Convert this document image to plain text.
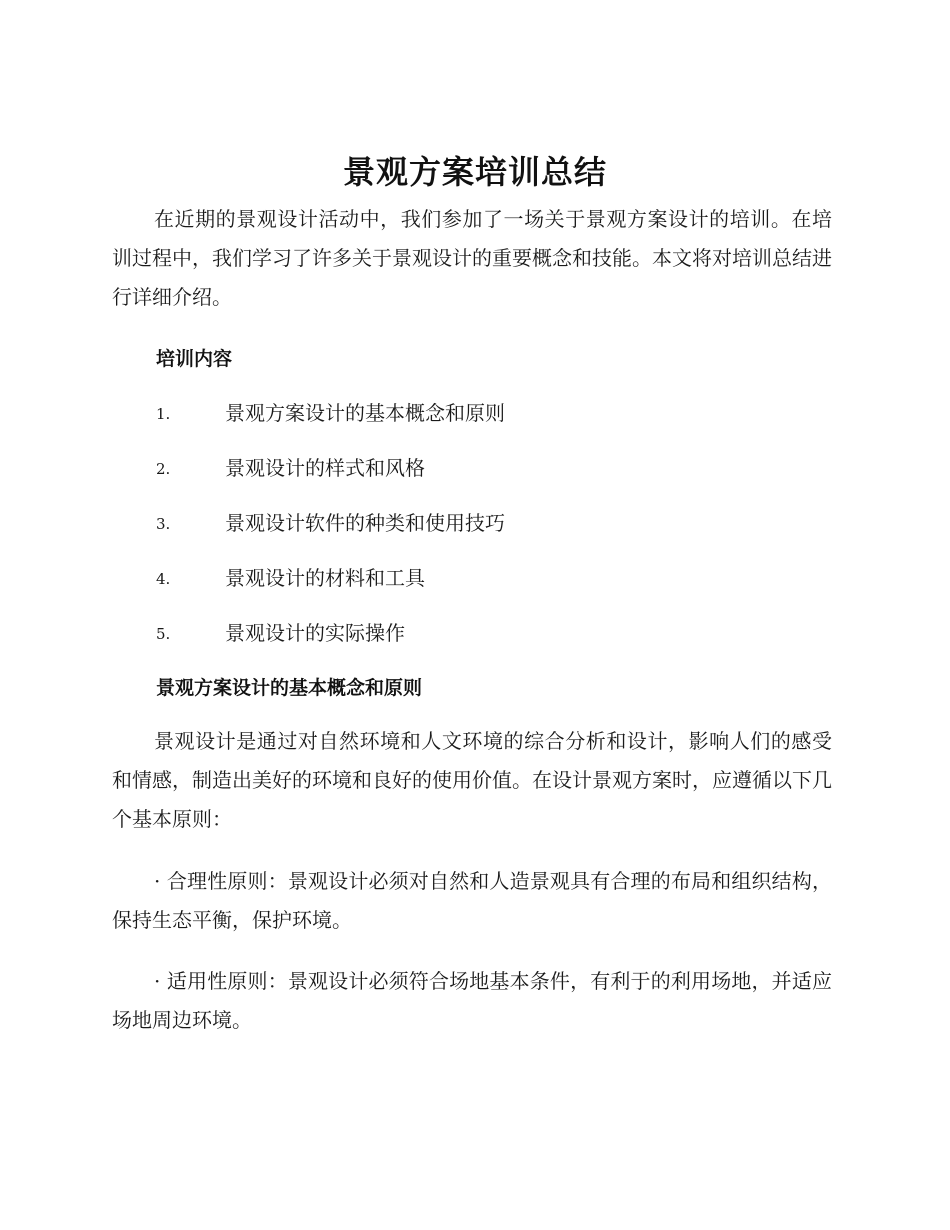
景观方案培训总结
在近期的景观设计活动中，我们参加了一场关于景观方案设计的培训。在培训过程中，我们学习了许多关于景观设计的重要概念和技能。本文将对培训总结进行详细介绍。
培训内容
1.	景观方案设计的基本概念和原则
2.	景观设计的样式和风格
3.	景观设计软件的种类和使用技巧
4.	景观设计的材料和工具
5.	景观设计的实际操作
景观方案设计的基本概念和原则
景观设计是通过对自然环境和人文环境的综合分析和设计，影响人们的感受和情感，制造出美好的环境和良好的使用价值。在设计景观方案时，应遵循以下几个基本原则：
· 合理性原则：景观设计必须对自然和人造景观具有合理的布局和组织结构，保持生态平衡，保护环境。
· 适用性原则：景观设计必须符合场地基本条件，有利于的利用场地，并适应场地周边环境。
